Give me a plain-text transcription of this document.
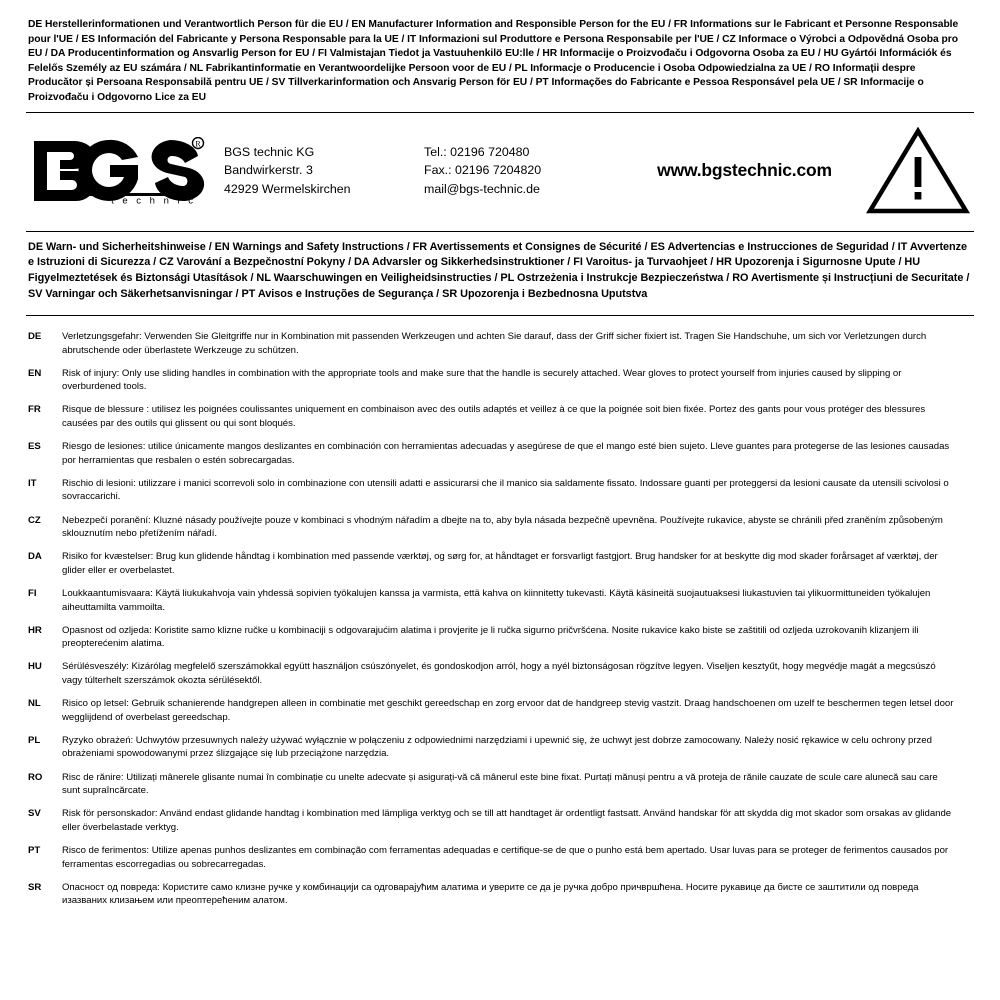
DE Herstellerinformationen und Verantwortlich Person für die EU / EN Manufacturer Information and Responsible Person for the EU / FR Informations sur le Fabricant et Personne Responsable pour l'UE / ES Información del Fabricante y Persona Responsable para la UE / IT Informazioni sul Produttore e Persona Responsabile per l'UE / CZ Informace o Výrobci a Odpovědná Osoba pro EU / DA Producentinformation og Ansvarlig Person for EU / FI Valmistajan Tiedot ja Vastuuhenkilö EU:lle / HR Informacije o Proizvođaču i Odgovorna Osoba za EU / HU Gyártói Információk és Felelős Személy az EU számára / NL Fabrikantinformatie en Verantwoordelijke Persoon voor de EU / PL Informacje o Producencie i Osoba Odpowiedzialna za UE / RO Informații despre Producător și Persoana Responsabilă pentru UE / SV Tillverkarinformation och Ansvarig Person för EU / PT Informações do Fabricante e Pessoa Responsável pela UE / SR Informacije o Proizvođaču i Odgovorno Lice za EU
R
t e c h n i c
BGS technic KG
Bandwirkerstr. 3
42929 Wermelskirchen
Tel.: 02196 720480
Fax.: 02196 7204820
mail@bgs-technic.de
www.bgstechnic.com
DE Warn- und Sicherheitshinweise / EN Warnings and Safety Instructions / FR Avertissements et Consignes de Sécurité / ES Advertencias e Instrucciones de Seguridad / IT Avvertenze e Istruzioni di Sicurezza / CZ Varování a Bezpečnostní Pokyny / DA Advarsler og Sikkerhedsinstruktioner / FI Varoitus- ja Turvaohjeet / HR Upozorenja i Sigurnosne Upute / HU Figyelmeztetések és Biztonsági Utasítások / NL Waarschuwingen en Veiligheidsinstructies / PL Ostrzeżenia i Instrukcje Bezpieczeństwa / RO Avertismente și Instrucțiuni de Securitate / SV Varningar och Säkerhetsanvisningar / PT Avisos e Instruções de Segurança / SR Upozorenja i Bezbednosna Uputstva
DE	Verletzungsgefahr: Verwenden Sie Gleitgriffe nur in Kombination mit passenden Werkzeugen und achten Sie darauf, dass der Griff sicher fixiert ist. Tragen Sie Handschuhe, um sich vor Verletzungen durch abrutschende oder überlastete Werkzeuge zu schützen.
EN	Risk of injury: Only use sliding handles in combination with the appropriate tools and make sure that the handle is securely attached. Wear gloves to protect yourself from injuries caused by slipping or overburdened tools.
FR	Risque de blessure : utilisez les poignées coulissantes uniquement en combinaison avec des outils adaptés et veillez à ce que la poignée soit bien fixée. Portez des gants pour vous protéger des blessures causées par des outils qui glissent ou qui sont bloqués.
ES	Riesgo de lesiones: utilice únicamente mangos deslizantes en combinación con herramientas adecuadas y asegúrese de que el mango esté bien sujeto. Lleve guantes para protegerse de las lesiones causadas por herramientas que resbalen o estén sobrecargadas.
IT	Rischio di lesioni: utilizzare i manici scorrevoli solo in combinazione con utensili adatti e assicurarsi che il manico sia saldamente fissato. Indossare guanti per proteggersi da lesioni causate da utensili scivolosi o sovraccarichi.
CZ	Nebezpečí poranění: Kluzné násady používejte pouze v kombinaci s vhodným nářadím a dbejte na to, aby byla násada bezpečně upevněna. Používejte rukavice, abyste se chránili před zraněním způsobeným sklouznutím nebo přetížením nářadí.
DA	Risiko for kvæstelser: Brug kun glidende håndtag i kombination med passende værktøj, og sørg for, at håndtaget er forsvarligt fastgjort. Brug handsker for at beskytte dig mod skader forårsaget af værktøj, der glider eller er overbelastet.
FI	Loukkaantumisvaara: Käytä liukukahvoja vain yhdessä sopivien työkalujen kanssa ja varmista, että kahva on kiinnitetty tukevasti. Käytä käsineitä suojautuaksesi liukastuvien tai ylikuormittuneiden työkalujen aiheuttamilta vammoilta.
HR	Opasnost od ozljeda: Koristite samo klizne ručke u kombinaciji s odgovarajućim alatima i provjerite je li ručka sigurno pričvršćena. Nosite rukavice kako biste se zaštitili od ozljeda uzrokovanih klizanjem ili preopterećenim alatima.
HU	Sérülésveszély: Kizárólag megfelelő szerszámokkal együtt használjon csúszónyelet, és gondoskodjon arról, hogy a nyél biztonságosan rögzítve legyen. Viseljen kesztyűt, hogy megvédje magát a megcsúszó vagy túlterhelt szerszámok okozta sérülésektől.
NL	Risico op letsel: Gebruik schanierende handgrepen alleen in combinatie met geschikt gereedschap en zorg ervoor dat de handgreep stevig vastzit. Draag handschoenen om uzelf te beschermen tegen letsel door wegglijdend of overbelast gereedschap.
PL	Ryzyko obrażeń: Uchwytów przesuwnych należy używać wyłącznie w połączeniu z odpowiednimi narzędziami i upewnić się, że uchwyt jest dobrze zamocowany. Należy nosić rękawice w celu ochrony przed obrażeniami spowodowanymi przez ślizgające się lub przeciążone narzędzia.
RO	Risc de rănire: Utilizați mânerele glisante numai în combinație cu unelte adecvate și asigurați-vă că mânerul este bine fixat. Purtați mănuși pentru a vă proteja de rănile cauzate de scule care alunecă sau care sunt supraîncărcate.
SV	Risk för personskador: Använd endast glidande handtag i kombination med lämpliga verktyg och se till att handtaget är ordentligt fastsatt. Använd handskar för att skydda dig mot skador som orsakas av glidande eller överbelastade verktyg.
PT	Risco de ferimentos: Utilize apenas punhos deslizantes em combinação com ferramentas adequadas e certifique-se de que o punho está bem apertado. Usar luvas para se proteger de ferimentos causados por ferramentas escorregadias ou sobrecarregadas.
SR	Опасност од повреда: Користите само клизне ручке у комбинацији са одговарајућим алатима и уверите се да је ручка добро причвршћена. Носите рукавице да бисте се заштитили од повреда изазваних клизањем или преоптерећеним алатом.
